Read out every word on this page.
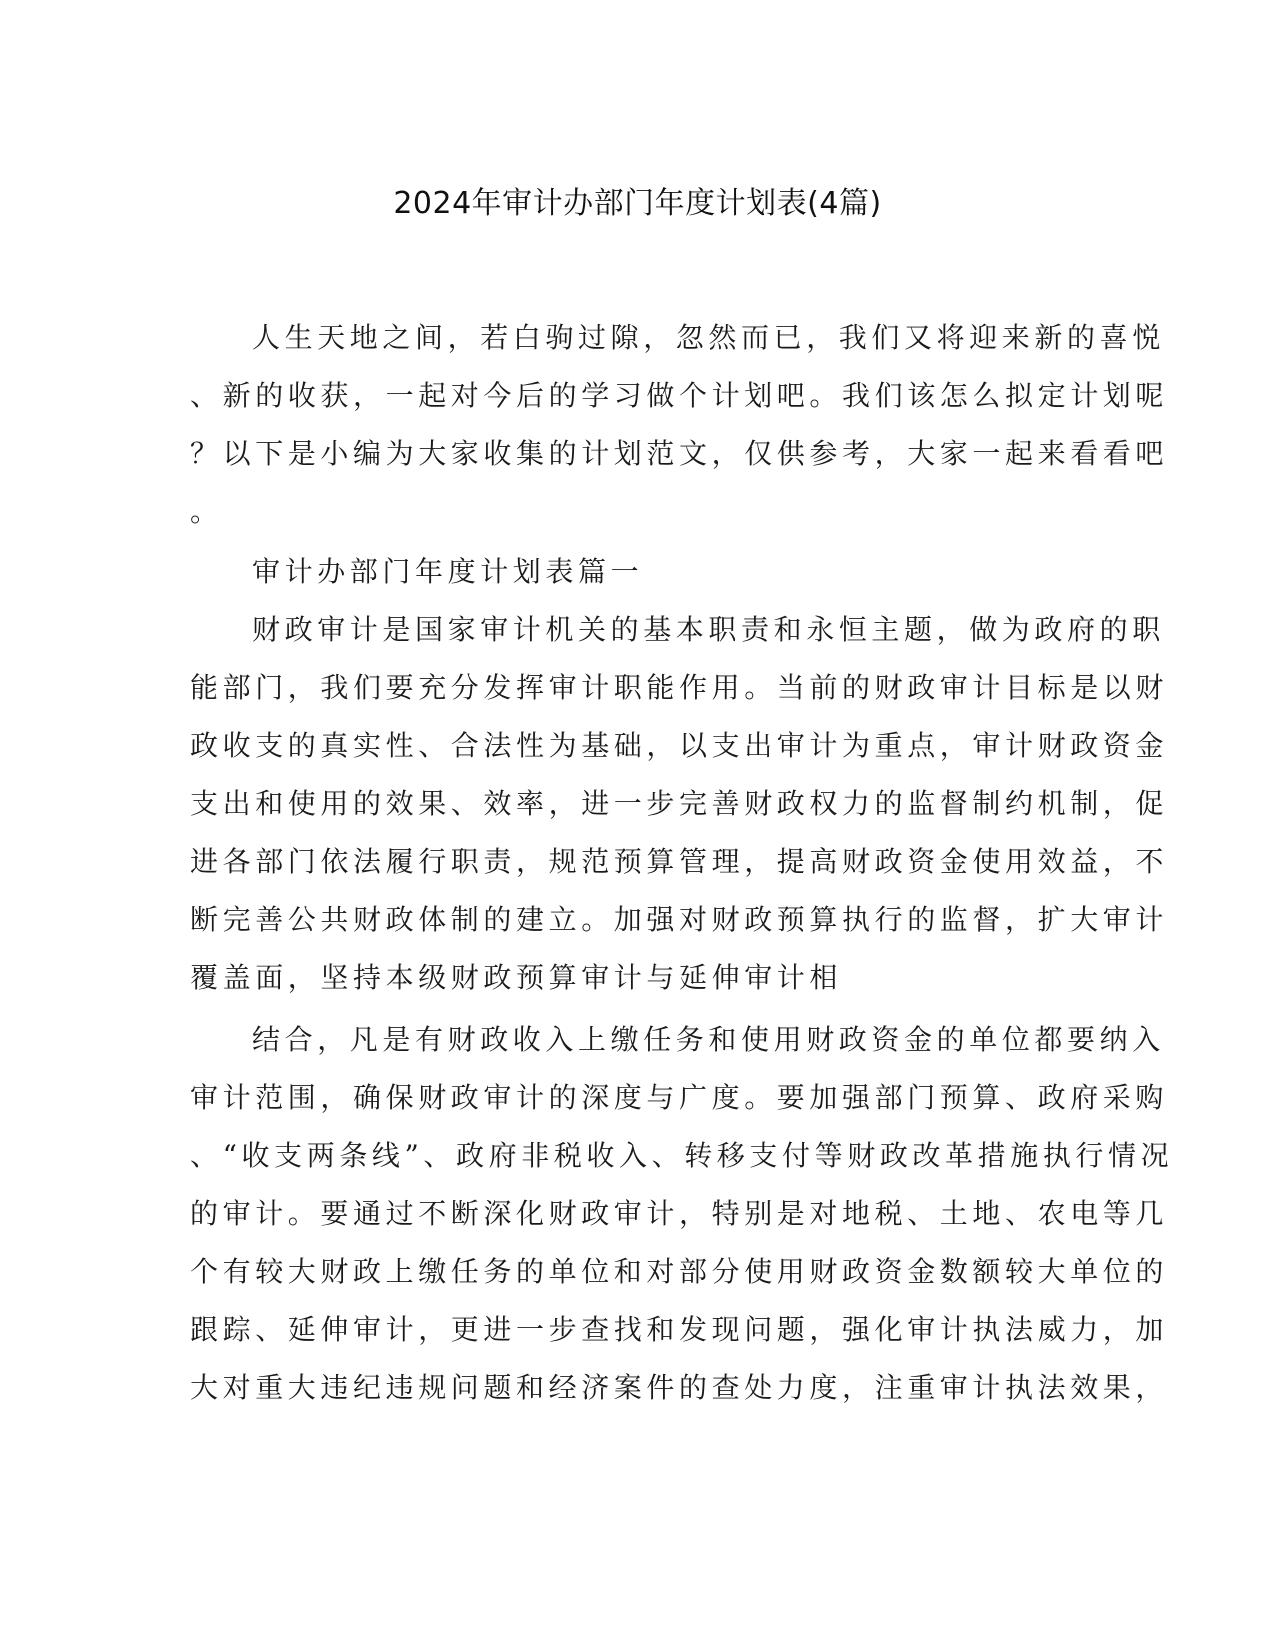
2024年审计办部门年度计划表(4篇)
人生天地之间，若白驹过隙，忽然而已，我们又将迎来新的喜悦
、新的收获，一起对今后的学习做个计划吧。我们该怎么拟定计划呢
？以下是小编为大家收集的计划范文，仅供参考，大家一起来看看吧
。
审计办部门年度计划表篇一
财政审计是国家审计机关的基本职责和永恒主题，做为政府的职
能部门，我们要充分发挥审计职能作用。当前的财政审计目标是以财
政收支的真实性、合法性为基础，以支出审计为重点，审计财政资金
支出和使用的效果、效率，进一步完善财政权力的监督制约机制，促
进各部门依法履行职责，规范预算管理，提高财政资金使用效益，不
断完善公共财政体制的建立。加强对财政预算执行的监督，扩大审计
覆盖面，坚持本级财政预算审计与延伸审计相
结合，凡是有财政收入上缴任务和使用财政资金的单位都要纳入
审计范围，确保财政审计的深度与广度。要加强部门预算、政府采购
、“收支两条线”、政府非税收入、转移支付等财政改革措施执行情况
的审计。要通过不断深化财政审计，特别是对地税、土地、农电等几
个有较大财政上缴任务的单位和对部分使用财政资金数额较大单位的
跟踪、延伸审计，更进一步查找和发现问题，强化审计执法威力，加
大对重大违纪违规问题和经济案件的查处力度，注重审计执法效果，
